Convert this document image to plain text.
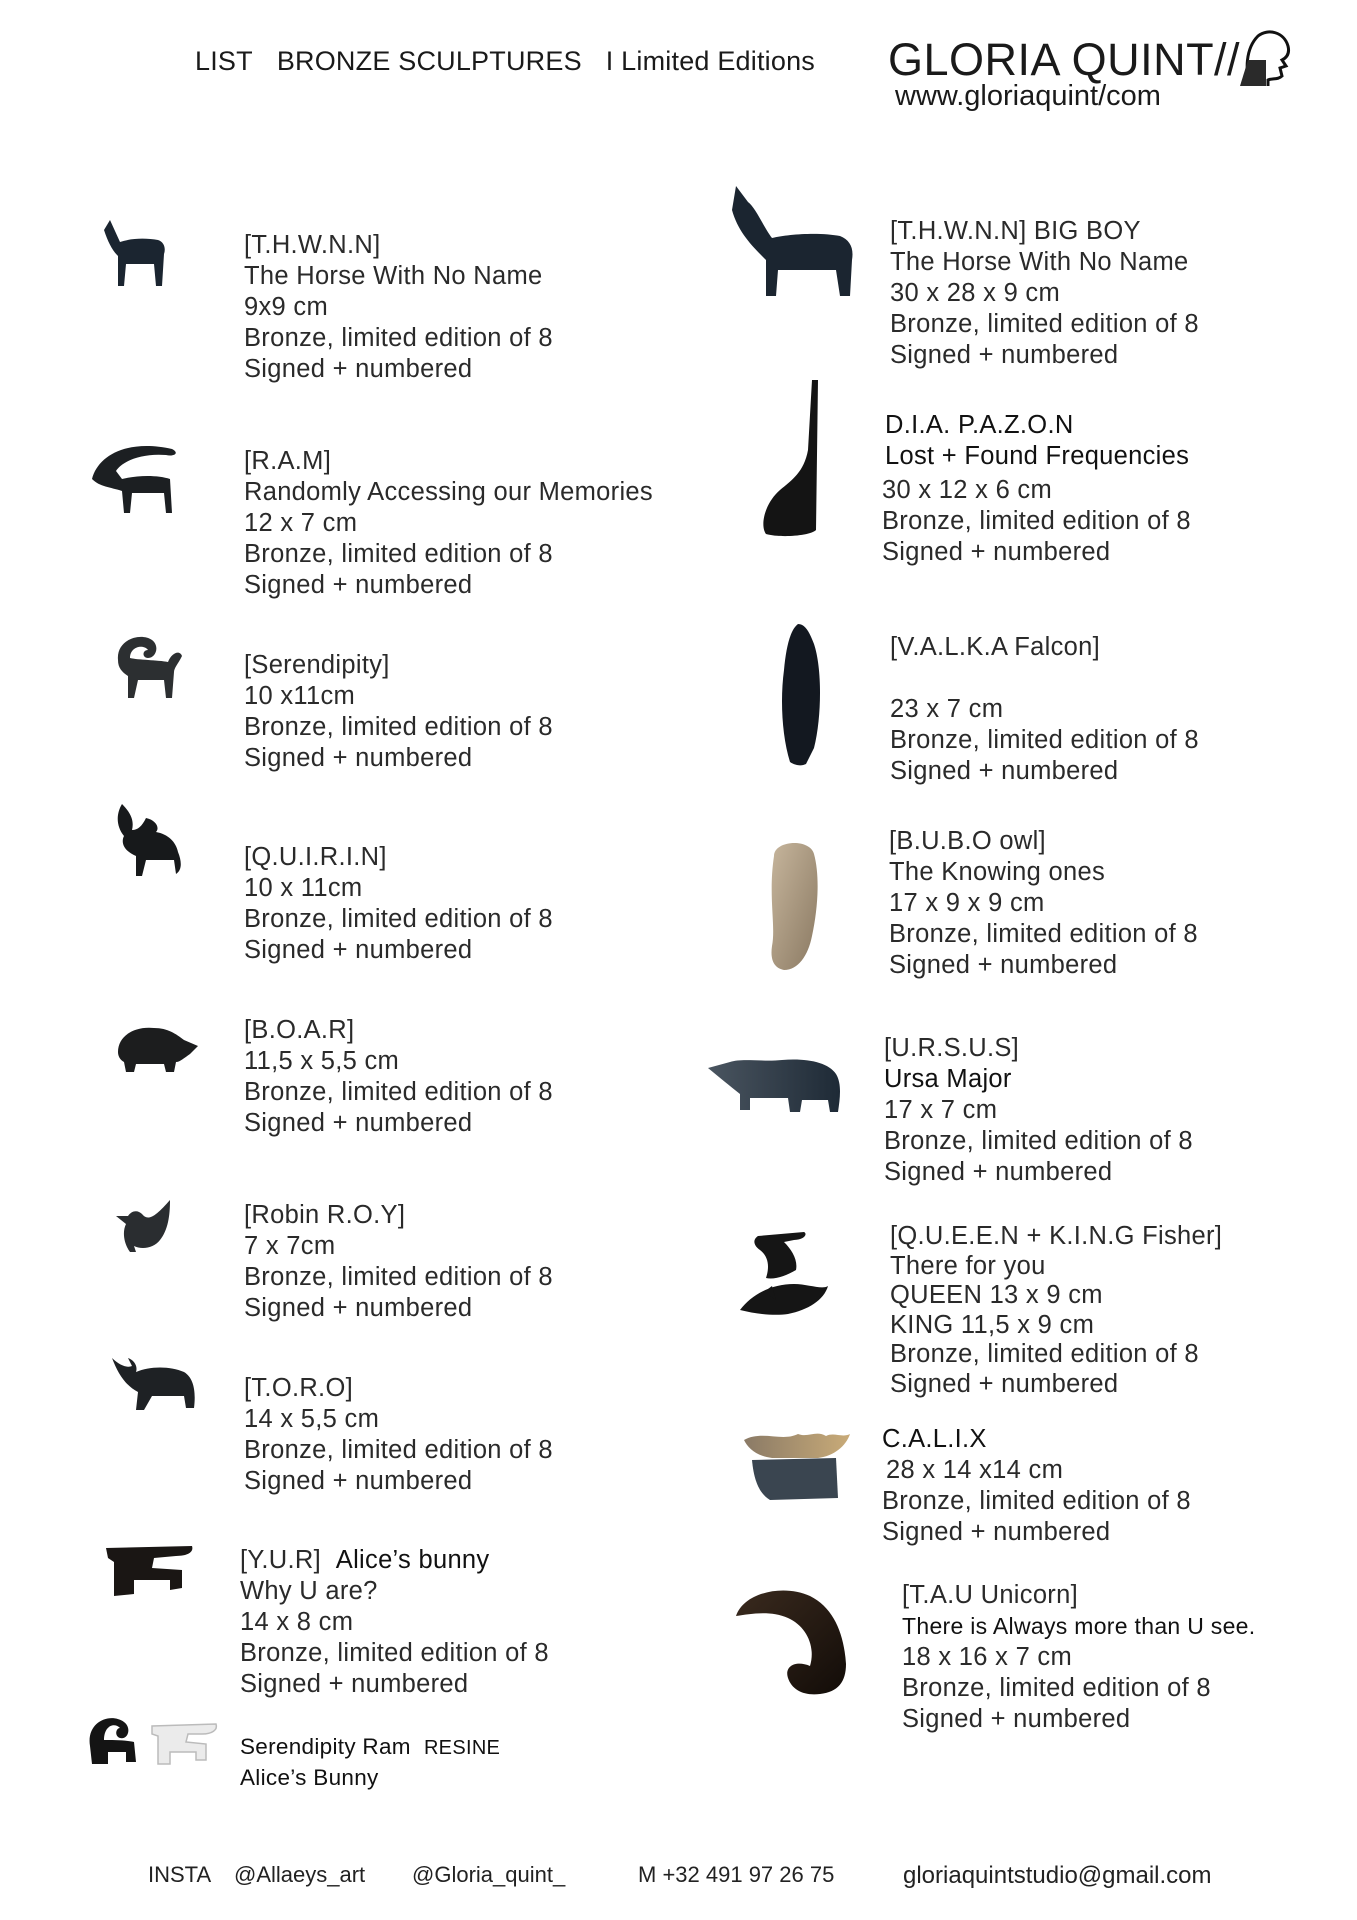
LIST BRONZE SCULPTURES I Limited Editions GLORIA QUINT//
www.gloriaquint/com
[T.H.W.N.N]
The Horse With No Name
9x9 cm
Bronze, limited edition of 8
Signed + numbered
[R.A.M]
Randomly Accessing our Memories
12 x 7 cm
Bronze, limited edition of 8
Signed + numbered
[Serendipity]
10 x11cm
Bronze, limited edition of 8
Signed + numbered
[Q.U.I.R.I.N]
10 x 11cm
Bronze, limited edition of 8
Signed + numbered
[B.O.A.R]
11,5 x 5,5 cm
Bronze, limited edition of 8
Signed + numbered
[Robin R.O.Y]
7 x 7cm
Bronze, limited edition of 8
Signed + numbered
[T.O.R.O]
14 x 5,5 cm
Bronze, limited edition of 8
Signed + numbered
[Y.U.R] Alice’s bunny
Why U are?
14 x 8 cm
Bronze, limited edition of 8
Signed + numbered
Serendipity Ram RESINE
Alice’s Bunny
[T.H.W.N.N] BIG BOY
The Horse With No Name
30 x 28 x 9 cm
Bronze, limited edition of 8
Signed + numbered
D.I.A. P.A.Z.O.N
Lost + Found Frequencies
30 x 12 x 6 cm
Bronze, limited edition of 8
Signed + numbered
[V.A.L.K.A Falcon]
23 x 7 cm
Bronze, limited edition of 8
Signed + numbered
[B.U.B.O owl]
The Knowing ones
17 x 9 x 9 cm
Bronze, limited edition of 8
Signed + numbered
[U.R.S.U.S]
Ursa Major
17 x 7 cm
Bronze, limited edition of 8
Signed + numbered
[Q.U.E.E.N + K.I.N.G Fisher]
There for you
QUEEN 13 x 9 cm
KING 11,5 x 9 cm
Bronze, limited edition of 8
Signed + numbered
C.A.L.I.X
28 x 14 x14 cm
Bronze, limited edition of 8
Signed + numbered
[T.A.U Unicorn]
There is Always more than U see.
18 x 16 x 7 cm
Bronze, limited edition of 8
Signed + numbered
INSTA @Allaeys_art @Gloria_quint_	M +32 491 97 26 75	gloriaquintstudio@gmail.com
